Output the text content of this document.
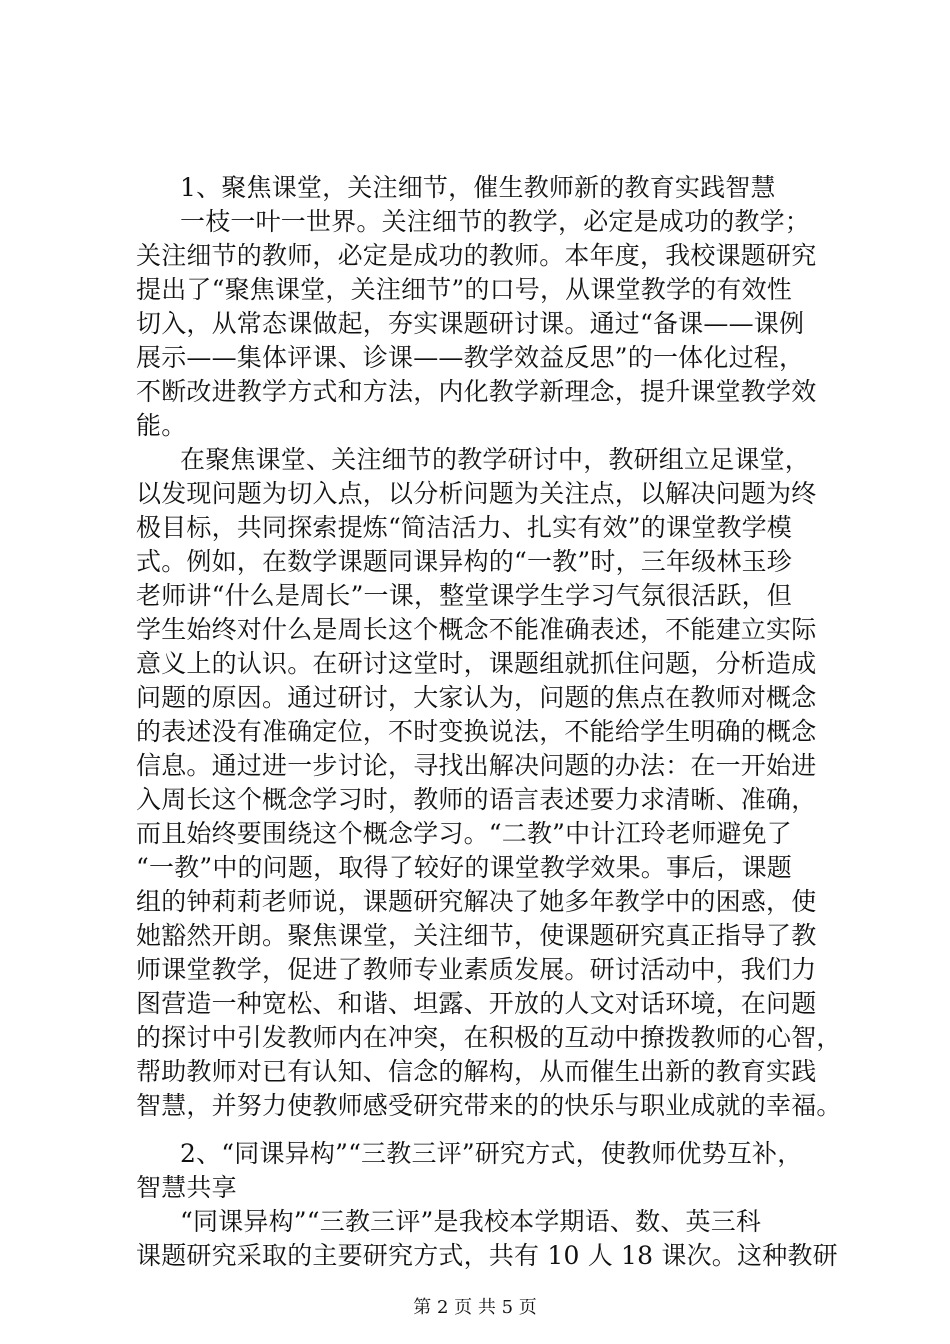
1、聚焦课堂，关注细节，催生教师新的教育实践智慧
一枝一叶一世界。关注细节的教学，必定是成功的教学；
关注细节的教师，必定是成功的教师。本年度，我校课题研究
提出了“聚焦课堂，关注细节”的口号，从课堂教学的有效性
切入，从常态课做起，夯实课题研讨课。通过“备课——课例
展示——集体评课、诊课——教学效益反思”的一体化过程，
不断改进教学方式和方法，内化教学新理念，提升课堂教学效
能。
在聚焦课堂、关注细节的教学研讨中，教研组立足课堂，
以发现问题为切入点，以分析问题为关注点，以解决问题为终
极目标，共同探索提炼“简洁活力、扎实有效”的课堂教学模
式。例如，在数学课题同课异构的“一教”时，三年级林玉珍
老师讲“什么是周长”一课，整堂课学生学习气氛很活跃，但
学生始终对什么是周长这个概念不能准确表述，不能建立实际
意义上的认识。在研讨这堂时，课题组就抓住问题，分析造成
问题的原因。通过研讨，大家认为，问题的焦点在教师对概念
的表述没有准确定位，不时变换说法，不能给学生明确的概念
信息。通过进一步讨论，寻找出解决问题的办法：在一开始进
入周长这个概念学习时，教师的语言表述要力求清晰、准确，
而且始终要围绕这个概念学习。“二教”中计江玲老师避免了
“一教”中的问题，取得了较好的课堂教学效果。事后，课题
组的钟莉莉老师说，课题研究解决了她多年教学中的困惑，使
她豁然开朗。聚焦课堂，关注细节，使课题研究真正指导了教
师课堂教学，促进了教师专业素质发展。研讨活动中，我们力
图营造一种宽松、和谐、坦露、开放的人文对话环境，在问题
的探讨中引发教师内在冲突，在积极的互动中撩拨教师的心智，
帮助教师对已有认知、信念的解构，从而催生出新的教育实践
智慧，并努力使教师感受研究带来的的快乐与职业成就的幸福。
2、“同课异构”“三教三评”研究方式，使教师优势互补，
智慧共享
“同课异构”“三教三评”是我校本学期语、数、英三科
课题研究采取的主要研究方式，共有 10 人 18 课次。这种教研
第 2 页 共 5 页
